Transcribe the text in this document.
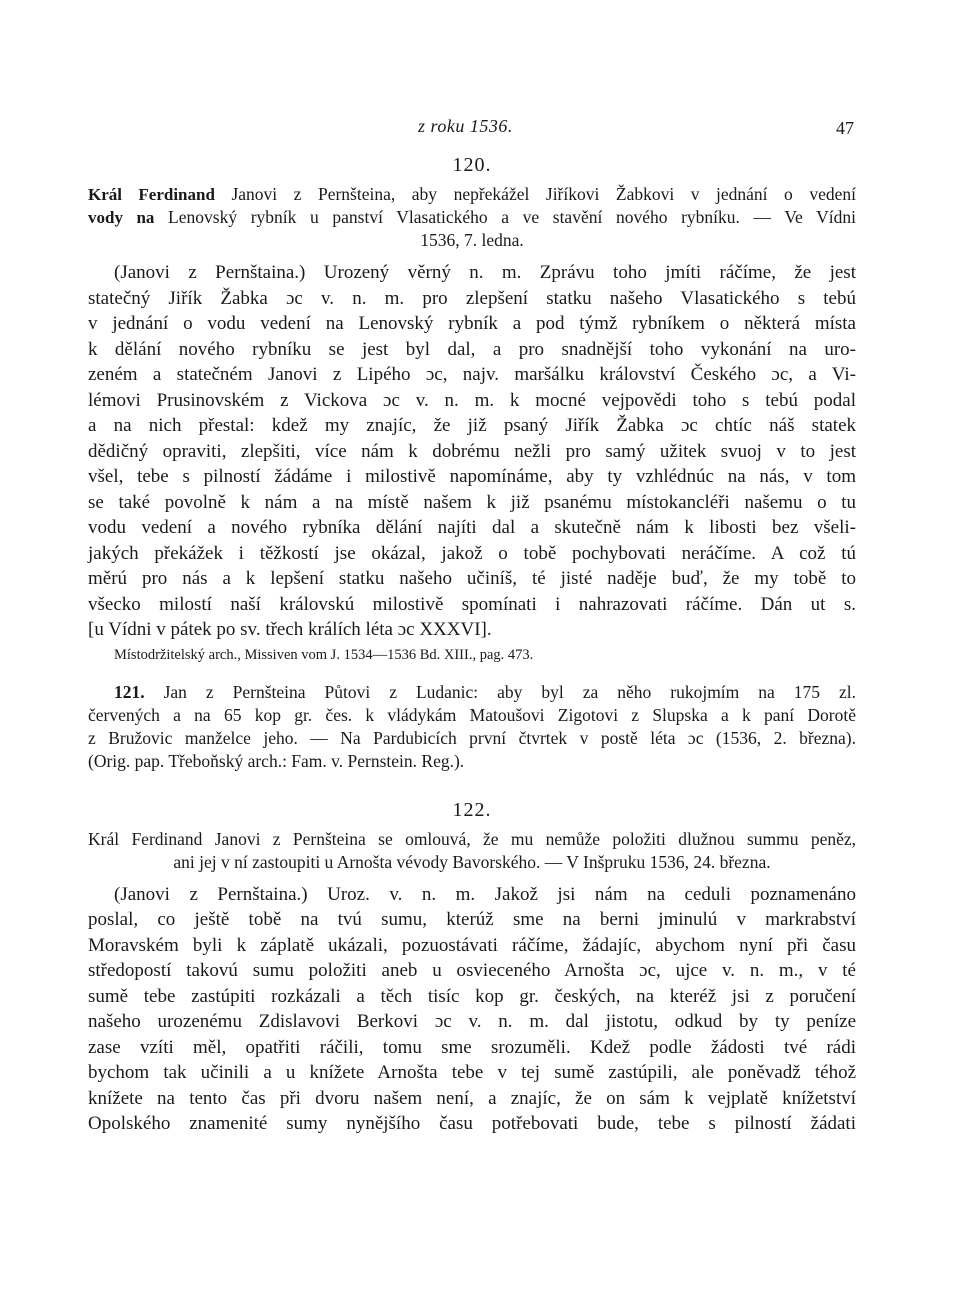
z roku 1536.	47
120.
Král Ferdinand Janovi z Pernšteina, aby nepřekážel Jiříkovi Žabkovi v jednání o vedení
vody na Lenovský rybník u panství Vlasatického a ve stavění nového rybníku. — Ve Vídni
1536, 7. ledna.
(Janovi z Pernštaina.) Urozený věrný n. m. Zprávu toho jmíti ráčíme, že jest
statečný Jiřík Žabka ɔc v. n. m. pro zlepšení statku našeho Vlasatického s tebú
v jednání o vodu vedení na Lenovský rybník a pod týmž rybníkem o některá místa
k dělání nového rybníku se jest byl dal, a pro snadnější toho vykonání na uro-
zeném a statečném Janovi z Lipého ɔc, najv. maršálku království Českého ɔc, a Vi-
lémovi Prusinovském z Vickova ɔc v. n. m. k mocné vejpovědi toho s tebú podal
a na nich přestal: kdež my znajíc, že již psaný Jiřík Žabka ɔc chtíc náš statek
dědičný opraviti, zlepšiti, více nám k dobrému nežli pro samý užitek svuoj v to jest
všel, tebe s pilností žádáme i milostivě napomínáme, aby ty vzhlédnúc na nás, v tom
se také povolně k nám a na místě našem k již psanému místokancléři našemu o tu
vodu vedení a nového rybníka dělání najíti dal a skutečně nám k libosti bez všeli-
jakých překážek i těžkostí jse okázal, jakož o tobě pochybovati neráčíme. A což tú
měrú pro nás a k lepšení statku našeho učiníš, té jisté naděje buď, že my tobě to
všecko milostí naší královskú milostivě spomínati i nahrazovati ráčíme. Dán ut s.
[u Vídni v pátek po sv. třech králích léta ɔc XXXVI].
Místodržitelský arch., Missiven vom J. 1534—1536 Bd. XIII., pag. 473.
121. Jan z Pernšteina Půtovi z Ludanic: aby byl za něho rukojmím na 175 zl.
červených a na 65 kop gr. čes. k vládykám Matoušovi Zigotovi z Slupska a k paní Dorotě
z Bružovic manželce jeho. — Na Pardubicích první čtvrtek v postě léta ɔc (1536, 2. března).
(Orig. pap. Třeboňský arch.: Fam. v. Pernstein. Reg.).
122.
Král Ferdinand Janovi z Pernšteina se omlouvá, že mu nemůže položiti dlužnou summu peněz,
ani jej v ní zastoupiti u Arnošta vévody Bavorského. — V Inšpruku 1536, 24. března.
(Janovi z Pernštaina.) Uroz. v. n. m. Jakož jsi nám na ceduli poznamenáno
poslal, co ještě tobě na tvú sumu, kterúž sme na berni jminulú v markrabství
Moravském byli k záplatě ukázali, pozuostávati ráčíme, žádajíc, abychom nyní při času
středopostí takovú sumu položiti aneb u osvieceného Arnošta ɔc, ujce v. n. m., v té
sumě tebe zastúpiti rozkázali a těch tisíc kop gr. českých, na kteréž jsi z poručení
našeho urozenému Zdislavovi Berkovi ɔc v. n. m. dal jistotu, odkud by ty peníze
zase vzíti měl, opatřiti ráčili, tomu sme srozuměli. Kdež podle žádosti tvé rádi
bychom tak učinili a u knížete Arnošta tebe v tej sumě zastúpili, ale poněvadž téhož
knížete na tento čas při dvoru našem není, a znajíc, že on sám k vejplatě knížetství
Opolského znamenité sumy nynějšího času potřebovati bude, tebe s pilností žádati
